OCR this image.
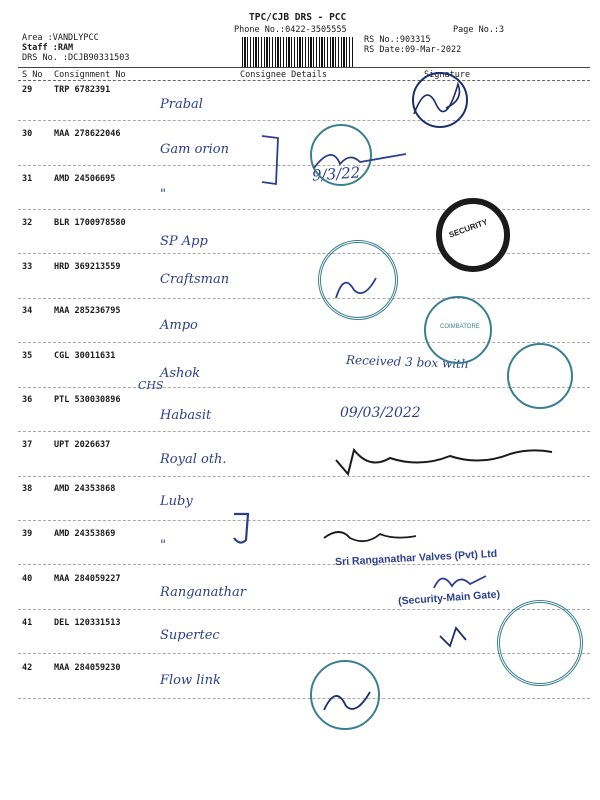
TPC/CJB DRS - PCC
Phone No.:0422-3505555	Page No.:3
Area :VANDLYPCC
Staff :RAM
DRS No. :DCJB90331503
RS No.:903315
RS Date:09-Mar-2022
S No Consignment No	Consignee Details	Signature
29	TRP 6782391
Prabal
30	MAA 278622046
Gam orion
31	AMD 24506695
"
32	BLR 1700978580
SP App
33	HRD 369213559
Craftsman
34	MAA 285236795
Ampo
35	CGL 30011631
Ashok
36	PTL 530030896
Habasit
37	UPT 2026637
Royal oth.
38	AMD 24353868
Luby
39	AMD 24353869
"
40	MAA 284059227
Ranganathar
41	DEL 120331513
Supertec
42	MAA 284059230
Flow link
9/3/22
Received 3 box with
CHS
09/03/2022
Sri Ranganathar Valves (Pvt) Ltd
(Security-Main Gate)
SECURITY
COIMBATORE
